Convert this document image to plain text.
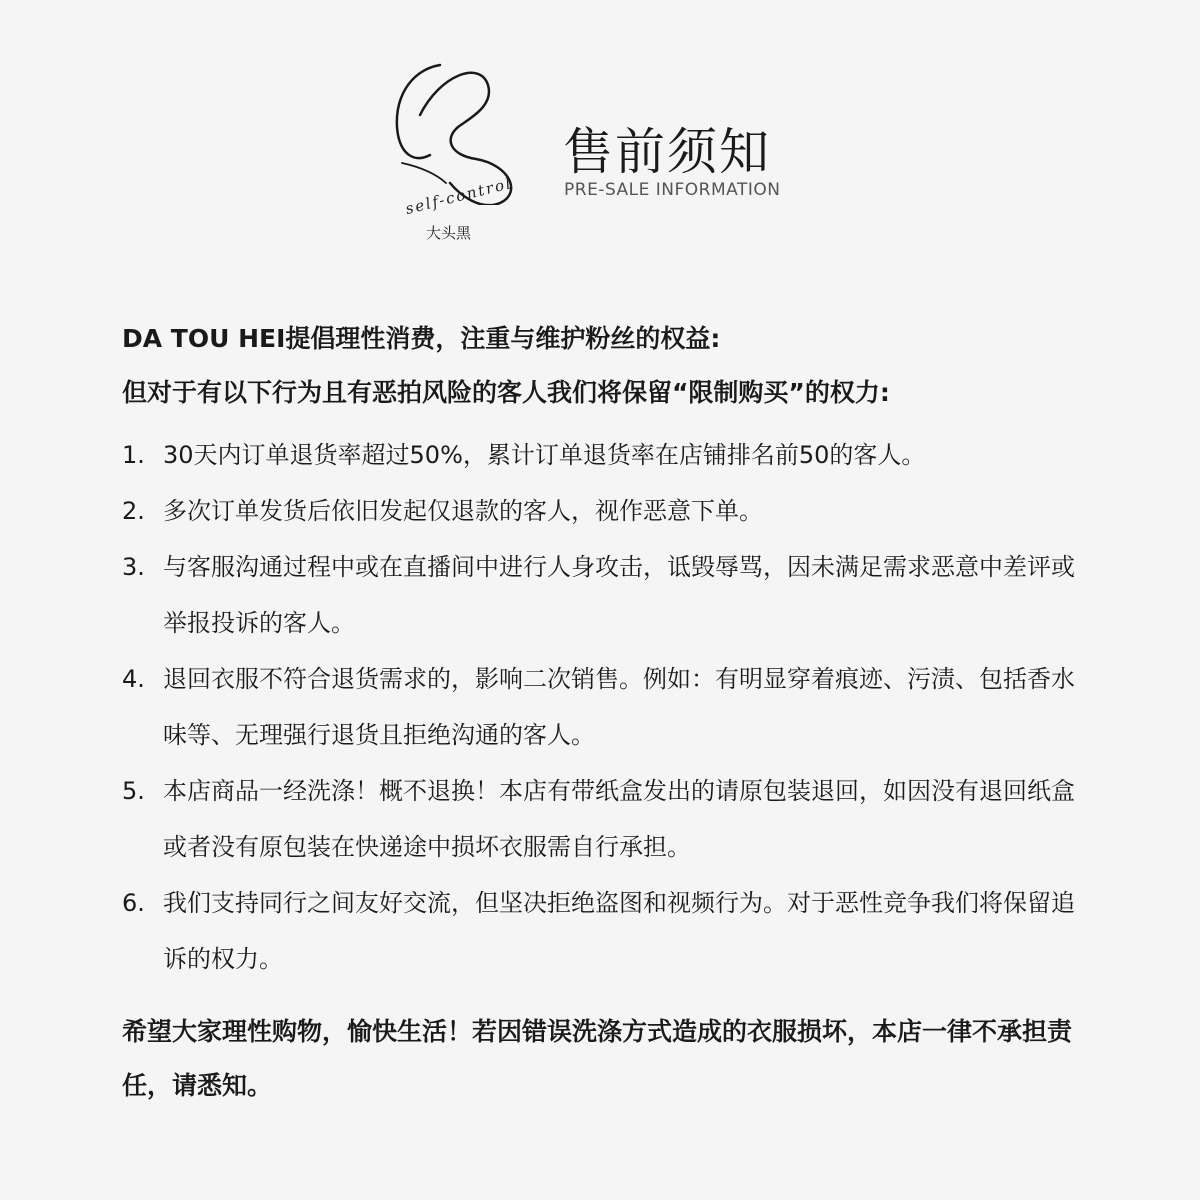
self-control
大头黑
售前须知
PRE-SALE INFORMATION
DA TOU HEI提倡理性消费，注重与维护粉丝的权益:
但对于有以下行为且有恶拍风险的客人我们将保留“限制购买”的权力:
1. 30天内订单退货率超过50%，累计订单退货率在店铺排名前50的客人。
2. 多次订单发货后依旧发起仅退款的客人，视作恶意下单。
3. 与客服沟通过程中或在直播间中进行人身攻击，诋毁辱骂，因未满足需求恶意中差评或举报投诉的客人。
4. 退回衣服不符合退货需求的，影响二次销售。例如：有明显穿着痕迹、污渍、包括香水味等、无理强行退货且拒绝沟通的客人。
5. 本店商品一经洗涤！概不退换！本店有带纸盒发出的请原包装退回，如因没有退回纸盒或者没有原包装在快递途中损坏衣服需自行承担。
6. 我们支持同行之间友好交流，但坚决拒绝盗图和视频行为。对于恶性竞争我们将保留追诉的权力。
希望大家理性购物，愉快生活！若因错误洗涤方式造成的衣服损坏，本店一律不承担责任，请悉知。
